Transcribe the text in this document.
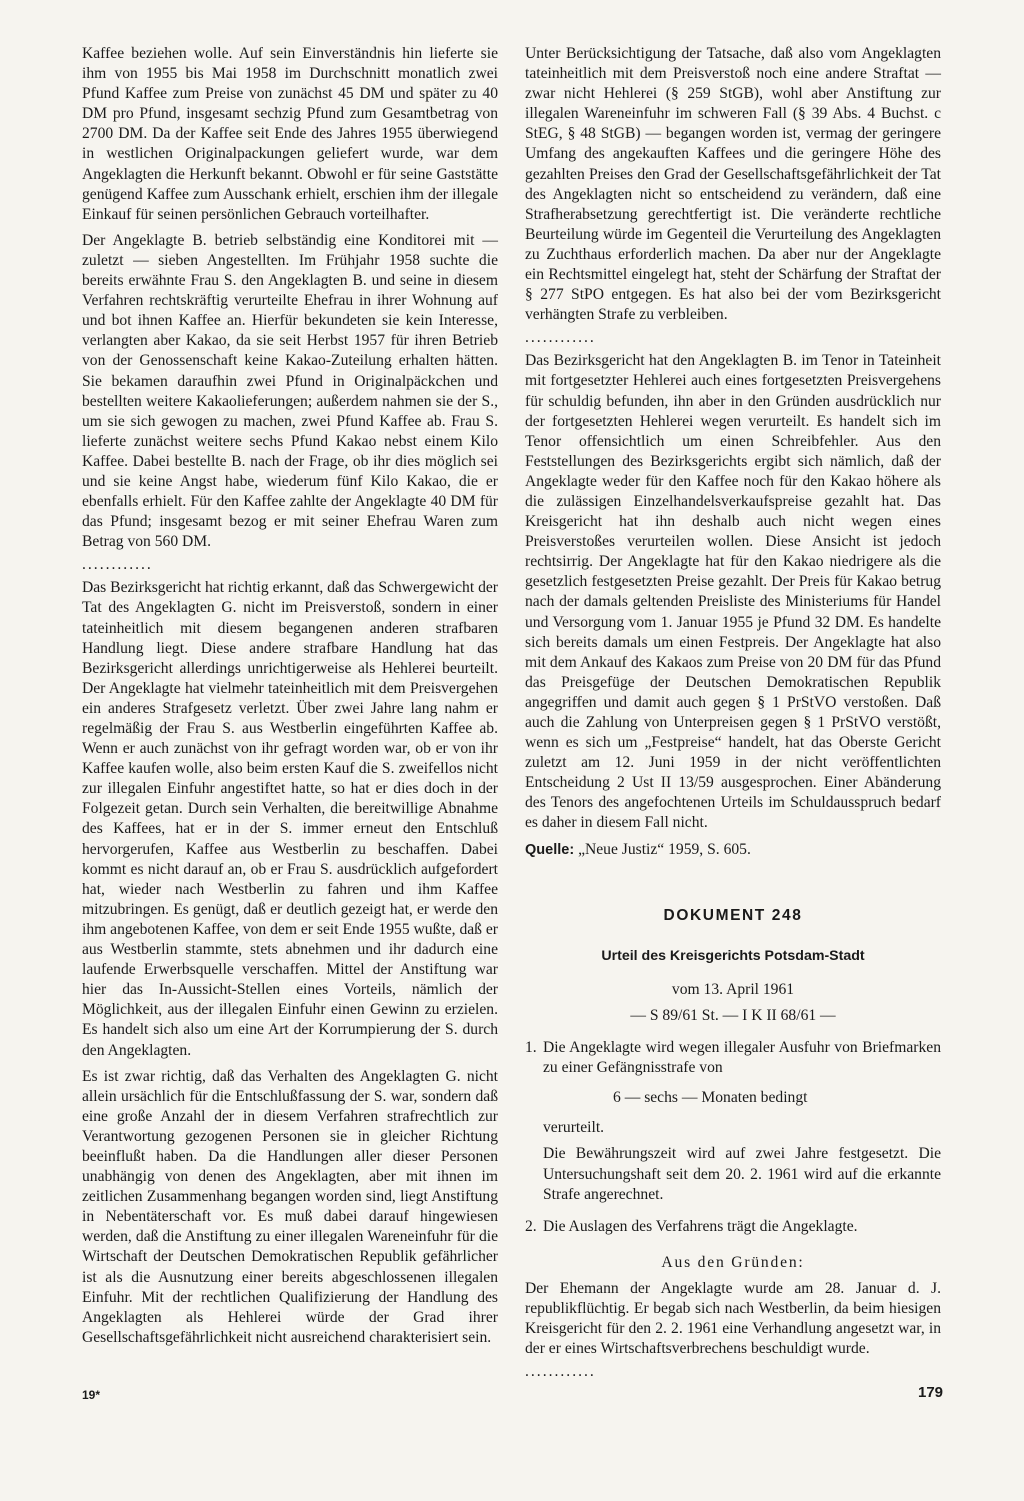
Kaffee beziehen wolle. Auf sein Einverständnis hin lieferte sie ihm von 1955 bis Mai 1958 im Durchschnitt monatlich zwei Pfund Kaffee zum Preise von zunächst 45 DM und später zu 40 DM pro Pfund, insgesamt sechzig Pfund zum Gesamtbetrag von 2700 DM. Da der Kaffee seit Ende des Jahres 1955 überwiegend in westlichen Originalpackungen geliefert wurde, war dem Angeklagten die Herkunft bekannt. Obwohl er für seine Gaststätte genügend Kaffee zum Ausschank erhielt, erschien ihm der illegale Einkauf für seinen persönlichen Gebrauch vorteilhafter.

Der Angeklagte B. betrieb selbständig eine Konditorei mit — zuletzt — sieben Angestellten. Im Frühjahr 1958 suchte die bereits erwähnte Frau S. den Angeklagten B. und seine in diesem Verfahren rechtskräftig verurteilte Ehefrau in ihrer Wohnung auf und bot ihnen Kaffee an. Hierfür bekundeten sie kein Interesse, verlangten aber Kakao, da sie seit Herbst 1957 für ihren Betrieb von der Genossenschaft keine Kakao-Zuteilung erhalten hätten. Sie bekamen daraufhin zwei Pfund in Originalpäckchen und bestellten weitere Kakaolieferungen; außerdem nahmen sie der S., um sie sich gewogen zu machen, zwei Pfund Kaffee ab. Frau S. lieferte zunächst weitere sechs Pfund Kakao nebst einem Kilo Kaffee. Dabei bestellte B. nach der Frage, ob ihr dies möglich sei und sie keine Angst habe, wiederum fünf Kilo Kakao, die er ebenfalls erhielt. Für den Kaffee zahlte der Angeklagte 40 DM für das Pfund; insgesamt bezog er mit seiner Ehefrau Waren zum Betrag von 560 DM.

............

Das Bezirksgericht hat richtig erkannt, daß das Schwergewicht der Tat des Angeklagten G. nicht im Preisverstoß, sondern in einer tateinheitlich mit diesem begangenen anderen strafbaren Handlung liegt. Diese andere strafbare Handlung hat das Bezirksgericht allerdings unrichtigerweise als Hehlerei beurteilt. Der Angeklagte hat vielmehr tateinheitlich mit dem Preisvergehen ein anderes Strafgesetz verletzt. Über zwei Jahre lang nahm er regelmäßig der Frau S. aus Westberlin eingeführten Kaffee ab. Wenn er auch zunächst von ihr gefragt worden war, ob er von ihr Kaffee kaufen wolle, also beim ersten Kauf die S. zweifellos nicht zur illegalen Einfuhr angestiftet hatte, so hat er dies doch in der Folgezeit getan. Durch sein Verhalten, die bereitwillige Abnahme des Kaffees, hat er in der S. immer erneut den Entschluß hervorgerufen, Kaffee aus Westberlin zu beschaffen. Dabei kommt es nicht darauf an, ob er Frau S. ausdrücklich aufgefordert hat, wieder nach Westberlin zu fahren und ihm Kaffee mitzubringen. Es genügt, daß er deutlich gezeigt hat, er werde den ihm angebotenen Kaffee, von dem er seit Ende 1955 wußte, daß er aus Westberlin stammte, stets abnehmen und ihr dadurch eine laufende Erwerbsquelle verschaffen. Mittel der Anstiftung war hier das In-Aussicht-Stellen eines Vorteils, nämlich der Möglichkeit, aus der illegalen Einfuhr einen Gewinn zu erzielen. Es handelt sich also um eine Art der Korrumpierung der S. durch den Angeklagten.

Es ist zwar richtig, daß das Verhalten des Angeklagten G. nicht allein ursächlich für die Entschlußfassung der S. war, sondern daß eine große Anzahl der in diesem Verfahren strafrechtlich zur Verantwortung gezogenen Personen sie in gleicher Richtung beeinflußt haben. Da die Handlungen aller dieser Personen unabhängig von denen des Angeklagten, aber mit ihnen im zeitlichen Zusammenhang begangen worden sind, liegt Anstiftung in Nebentäterschaft vor. Es muß dabei darauf hingewiesen werden, daß die Anstiftung zu einer illegalen Wareneinfuhr für die Wirtschaft der Deutschen Demokratischen Republik gefährlicher ist als die Ausnutzung einer bereits abgeschlossenen illegalen Einfuhr. Mit der rechtlichen Qualifizierung der Handlung des Angeklagten als Hehlerei würde der Grad ihrer Gesellschaftsgefährlichkeit nicht ausreichend charakterisiert sein.

Unter Berücksichtigung der Tatsache, daß also vom Angeklagten tateinheitlich mit dem Preisverstoß noch eine andere Straftat — zwar nicht Hehlerei (§ 259 StGB), wohl aber Anstiftung zur illegalen Wareneinfuhr im schweren Fall (§ 39 Abs. 4 Buchst. c StEG, § 48 StGB) — begangen worden ist, vermag der geringere Umfang des angekauften Kaffees und die geringere Höhe des gezahlten Preises den Grad der Gesellschaftsgefährlichkeit der Tat des Angeklagten nicht so entscheidend zu verändern, daß eine Strafherabsetzung gerechtfertigt ist. Die veränderte rechtliche Beurteilung würde im Gegenteil die Verurteilung des Angeklagten zu Zuchthaus erforderlich machen. Da aber nur der Angeklagte ein Rechtsmittel eingelegt hat, steht der Schärfung der Straftat der § 277 StPO entgegen. Es hat also bei der vom Bezirksgericht verhängten Strafe zu verbleiben.

............

Das Bezirksgericht hat den Angeklagten B. im Tenor in Tateinheit mit fortgesetzter Hehlerei auch eines fortgesetzten Preisvergehens für schuldig befunden, ihn aber in den Gründen ausdrücklich nur der fortgesetzten Hehlerei wegen verurteilt. Es handelt sich im Tenor offensichtlich um einen Schreibfehler. Aus den Feststellungen des Bezirksgerichts ergibt sich nämlich, daß der Angeklagte weder für den Kaffee noch für den Kakao höhere als die zulässigen Einzelhandelsverkaufspreise gezahlt hat. Das Kreisgericht hat ihn deshalb auch nicht wegen eines Preisverstoßes verurteilen wollen. Diese Ansicht ist jedoch rechtsirrig. Der Angeklagte hat für den Kakao niedrigere als die gesetzlich festgesetzten Preise gezahlt. Der Preis für Kakao betrug nach der damals geltenden Preisliste des Ministeriums für Handel und Versorgung vom 1. Januar 1955 je Pfund 32 DM. Es handelte sich bereits damals um einen Festpreis. Der Angeklagte hat also mit dem Ankauf des Kakaos zum Preise von 20 DM für das Pfund das Preisgefüge der Deutschen Demokratischen Republik angegriffen und damit auch gegen § 1 PrStVO verstoßen. Daß auch die Zahlung von Unterpreisen gegen § 1 PrStVO verstößt, wenn es sich um „Festpreise“ handelt, hat das Oberste Gericht zuletzt am 12. Juni 1959 in der nicht veröffentlichten Entscheidung 2 Ust II 13/59 ausgesprochen. Einer Abänderung des Tenors des angefochtenen Urteils im Schuldausspruch bedarf es daher in diesem Fall nicht.

Quelle: „Neue Justiz“ 1959, S. 605.

DOKUMENT 248
Urteil des Kreisgerichts Potsdam-Stadt
vom 13. April 1961
— S 89/61 St. — I K II 68/61 —
1. Die Angeklagte wird wegen illegaler Ausfuhr von Briefmarken zu einer Gefängnisstrafe von

6 — sechs — Monaten bedingt

verurteilt.

Die Bewährungszeit wird auf zwei Jahre festgesetzt. Die Untersuchungshaft seit dem 20. 2. 1961 wird auf die erkannte Strafe angerechnet.

2. Die Auslagen des Verfahrens trägt die Angeklagte.

Aus den Gründen:

Der Ehemann der Angeklagte wurde am 28. Januar d. J. republikflüchtig. Er begab sich nach Westberlin, da beim hiesigen Kreisgericht für den 2. 2. 1961 eine Verhandlung angesetzt war, in der er eines Wirtschaftsverbrechens beschuldigt wurde.

............
19*	179
